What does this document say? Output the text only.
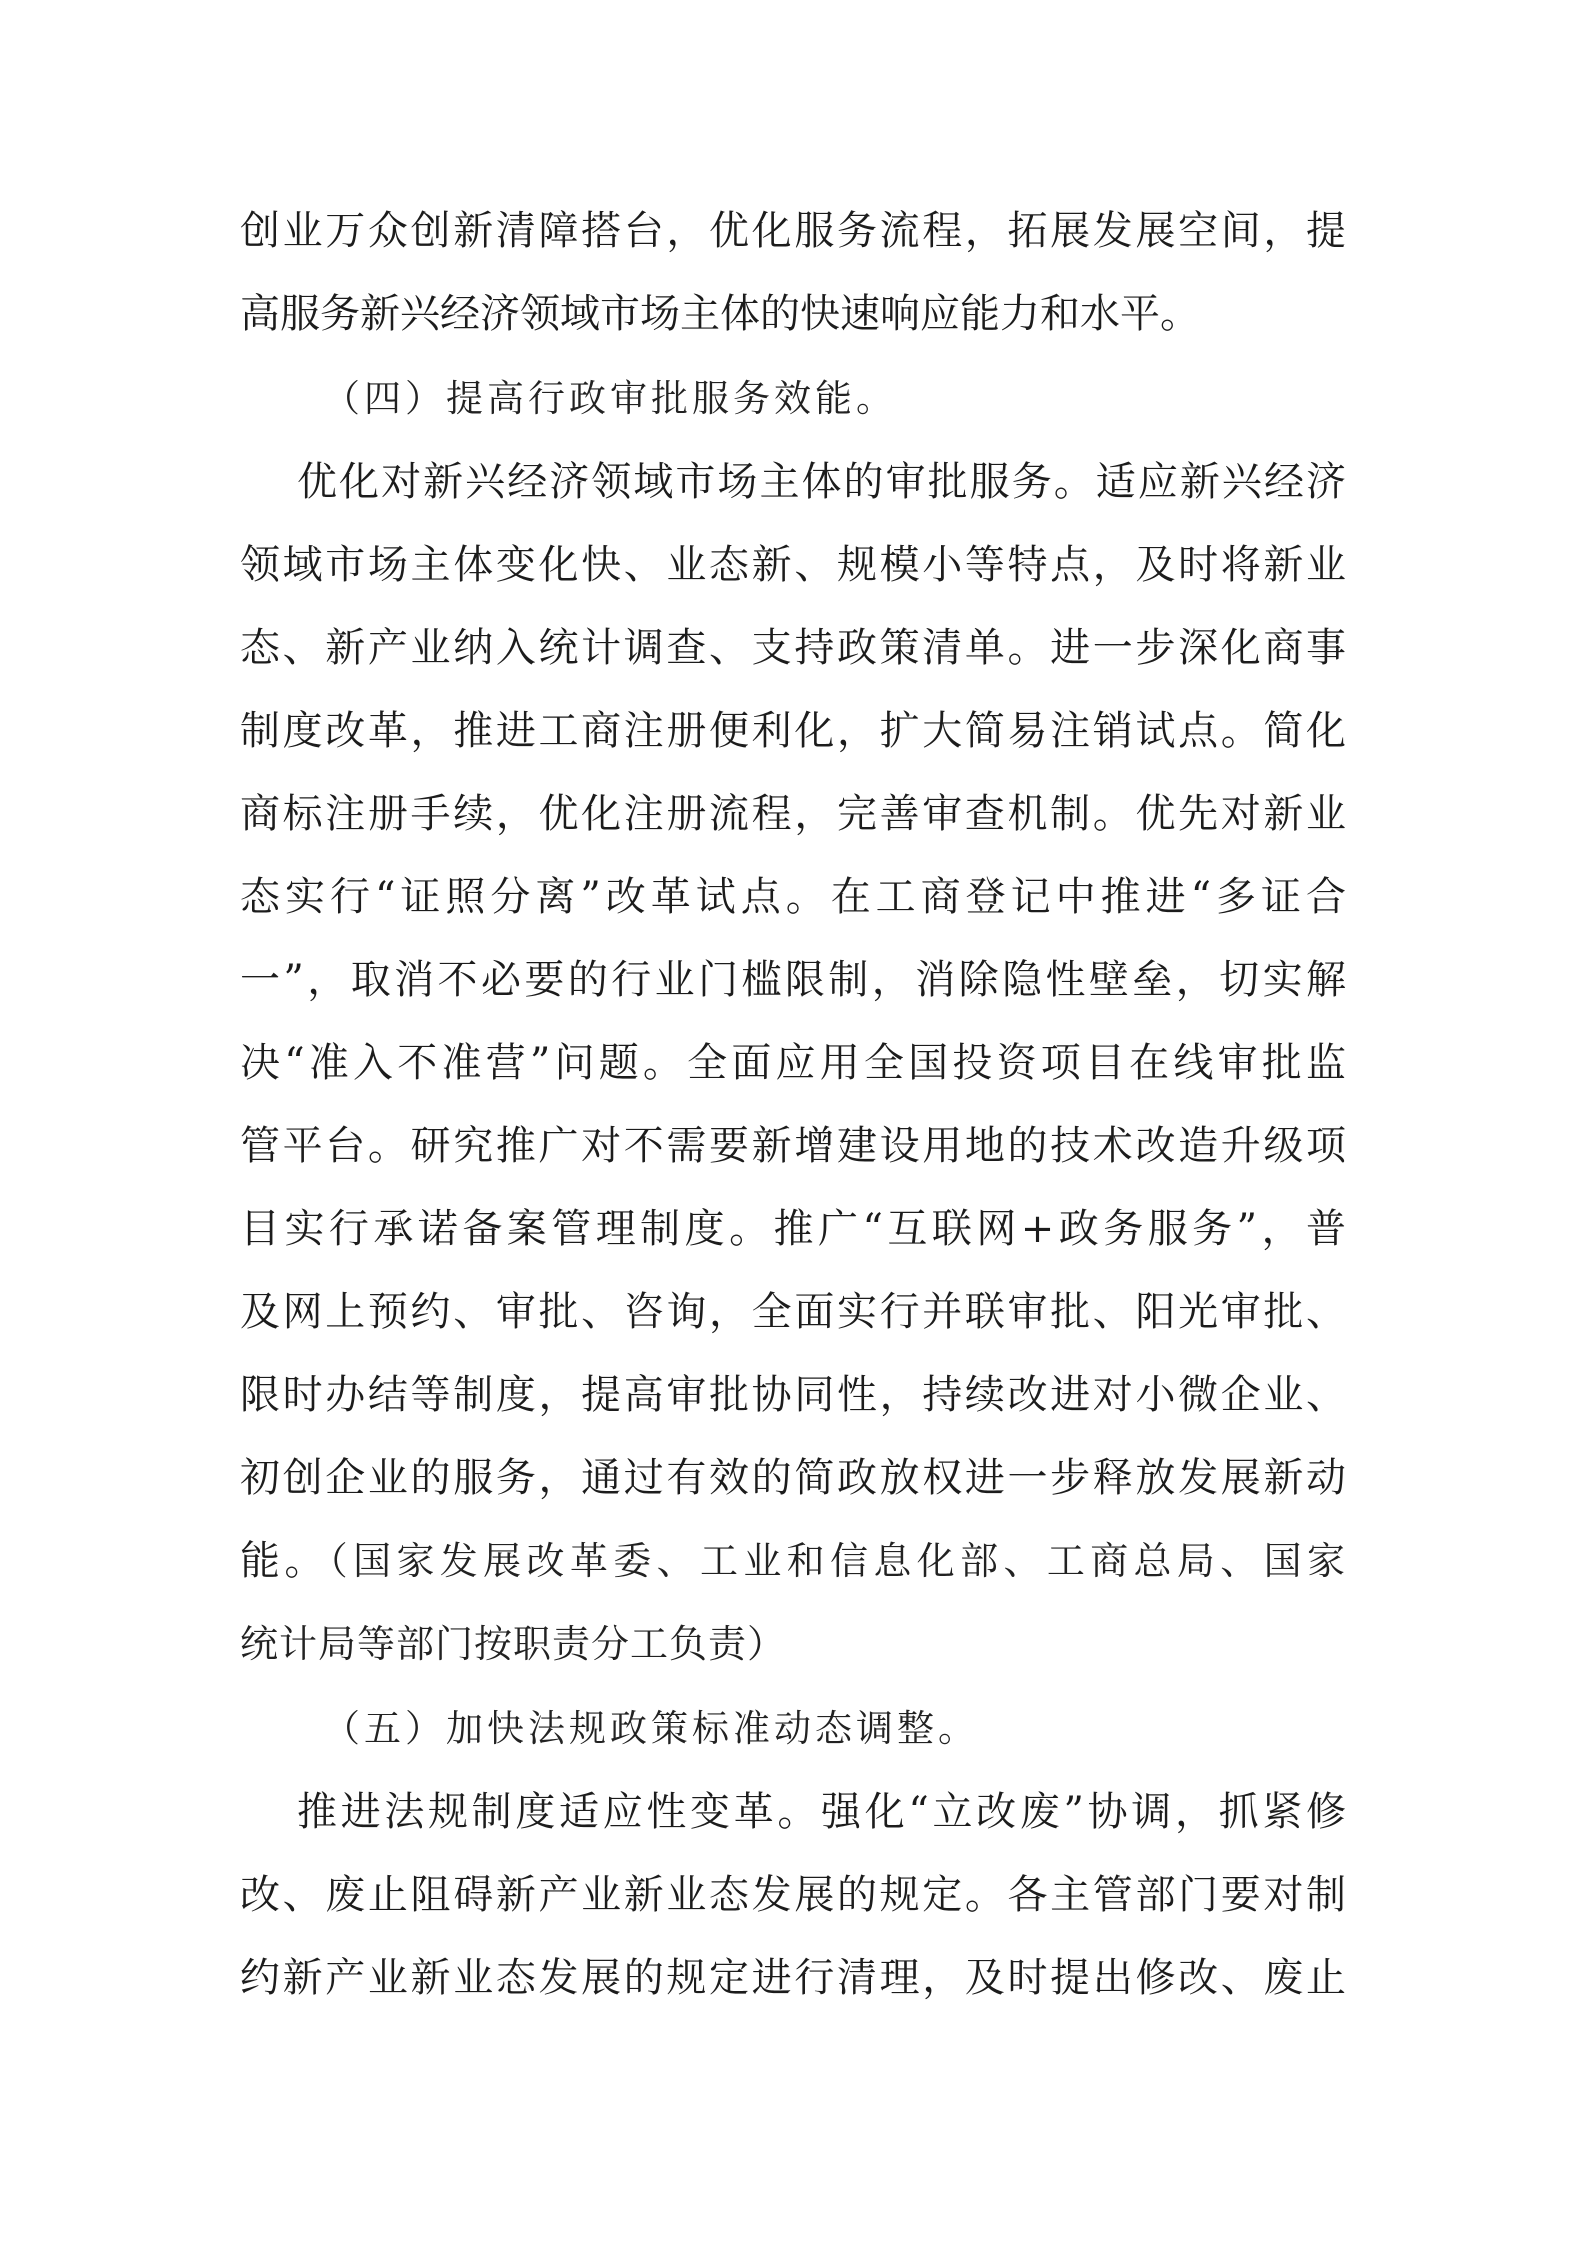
创业万众创新清障搭台，优化服务流程，拓展发展空间，提
高服务新兴经济领域市场主体的快速响应能力和水平。
（四）提高行政审批服务效能。
优化对新兴经济领域市场主体的审批服务。适应新兴经济
领域市场主体变化快、业态新、规模小等特点，及时将新业
态、新产业纳入统计调查、支持政策清单。进一步深化商事
制度改革，推进工商注册便利化，扩大简易注销试点。简化
商标注册手续，优化注册流程，完善审查机制。优先对新业
态实行“证照分离”改革试点。在工商登记中推进“多证合
一”，取消不必要的行业门槛限制，消除隐性壁垒，切实解
决“准入不准营”问题。全面应用全国投资项目在线审批监
管平台。研究推广对不需要新增建设用地的技术改造升级项
目实行承诺备案管理制度。推广“互联网+政务服务”，普
及网上预约、审批、咨询，全面实行并联审批、阳光审批、
限时办结等制度，提高审批协同性，持续改进对小微企业、
初创企业的服务，通过有效的简政放权进一步释放发展新动
能。（国家发展改革委、工业和信息化部、工商总局、国家
统计局等部门按职责分工负责）
（五）加快法规政策标准动态调整。
推进法规制度适应性变革。强化“立改废”协调，抓紧修
改、废止阻碍新产业新业态发展的规定。各主管部门要对制
约新产业新业态发展的规定进行清理，及时提出修改、废止
